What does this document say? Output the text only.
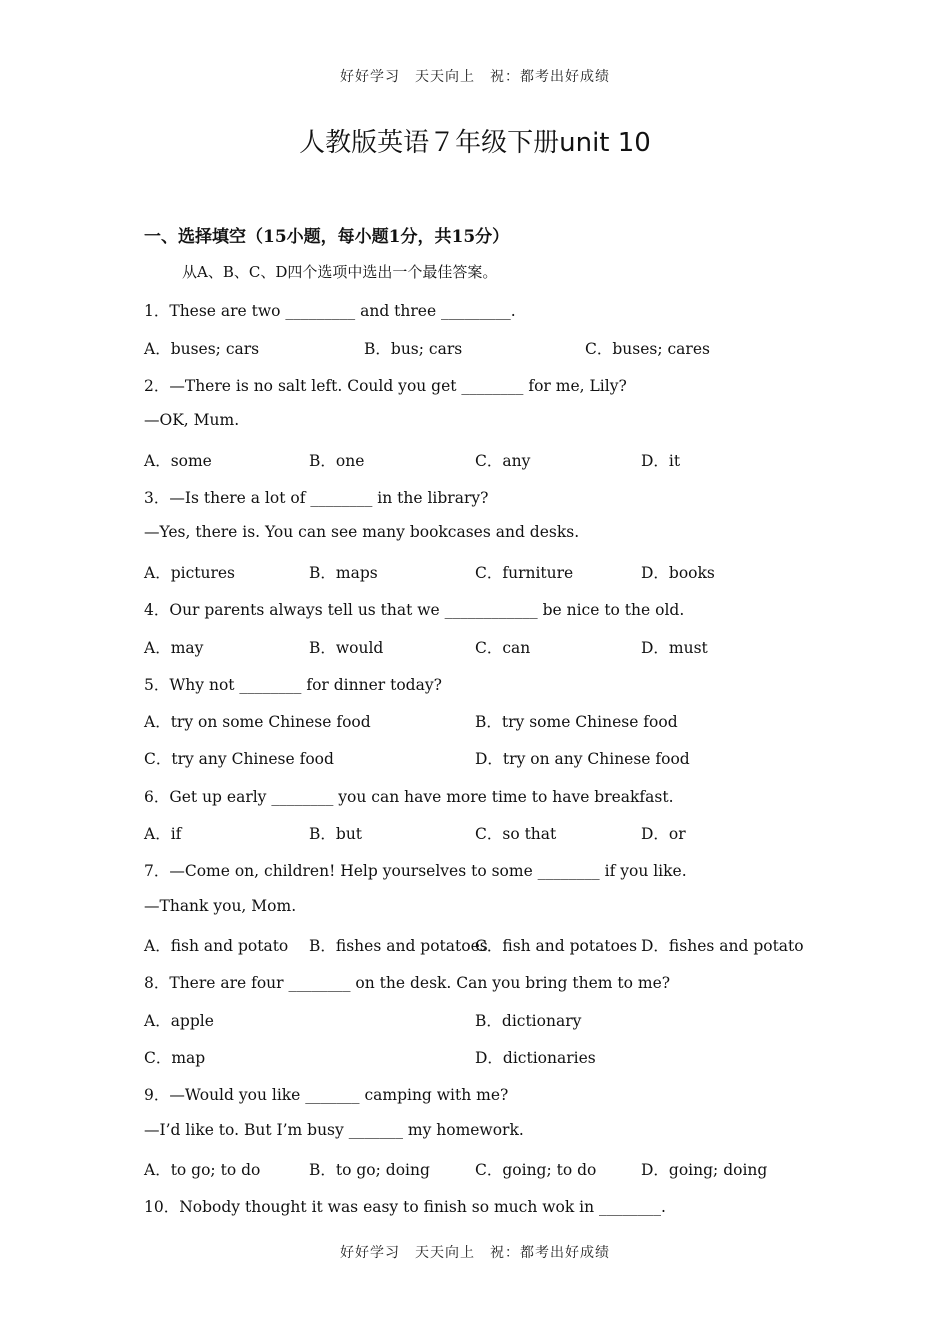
好好学习　天天向上　祝：都考出好成绩
人教版英语７年级下册unit 10
一、选择填空（15小题，每小题1分，共15分）
从A、B、C、D四个选项中选出一个最佳答案。
1．These are two _________ and three _________.
A．buses; cars	B．bus; cars	C．buses; cares
2．—There is no salt left. Could you get ________ for me, Lily?
—OK, Mum.
A．some	B．one	C．any	D．it
3．—Is there a lot of ________ in the library?
—Yes, there is. You can see many bookcases and desks.
A．pictures	B．maps	C．furniture	D．books
4．Our parents always tell us that we ____________ be nice to the old.
A．may	B．would	C．can	D．must
5．Why not ________ for dinner today?
A．try on some Chinese food	B．try some Chinese food
C．try any Chinese food	D．try on any Chinese food
6．Get up early ________ you can have more time to have breakfast.
A．if	B．but	C．so that	D．or
7．—Come on, children! Help yourselves to some ________ if you like.
—Thank you, Mom.
A．fish and potato B．fishes and potatoes
C．fish and potatoes D．fishes and potato
8．There are four ________ on the desk. Can you bring them to me?
A．apple	B．dictionary
C．map	D．dictionaries
9．—Would you like _______ camping with me?
—I’d like to. But I’m busy _______ my homework.
A．to go; to do	B．to go; doing	C．going; to do	D．going; doing
10．Nobody thought it was easy to finish so much wok in ________.
好好学习　天天向上　祝：都考出好成绩
